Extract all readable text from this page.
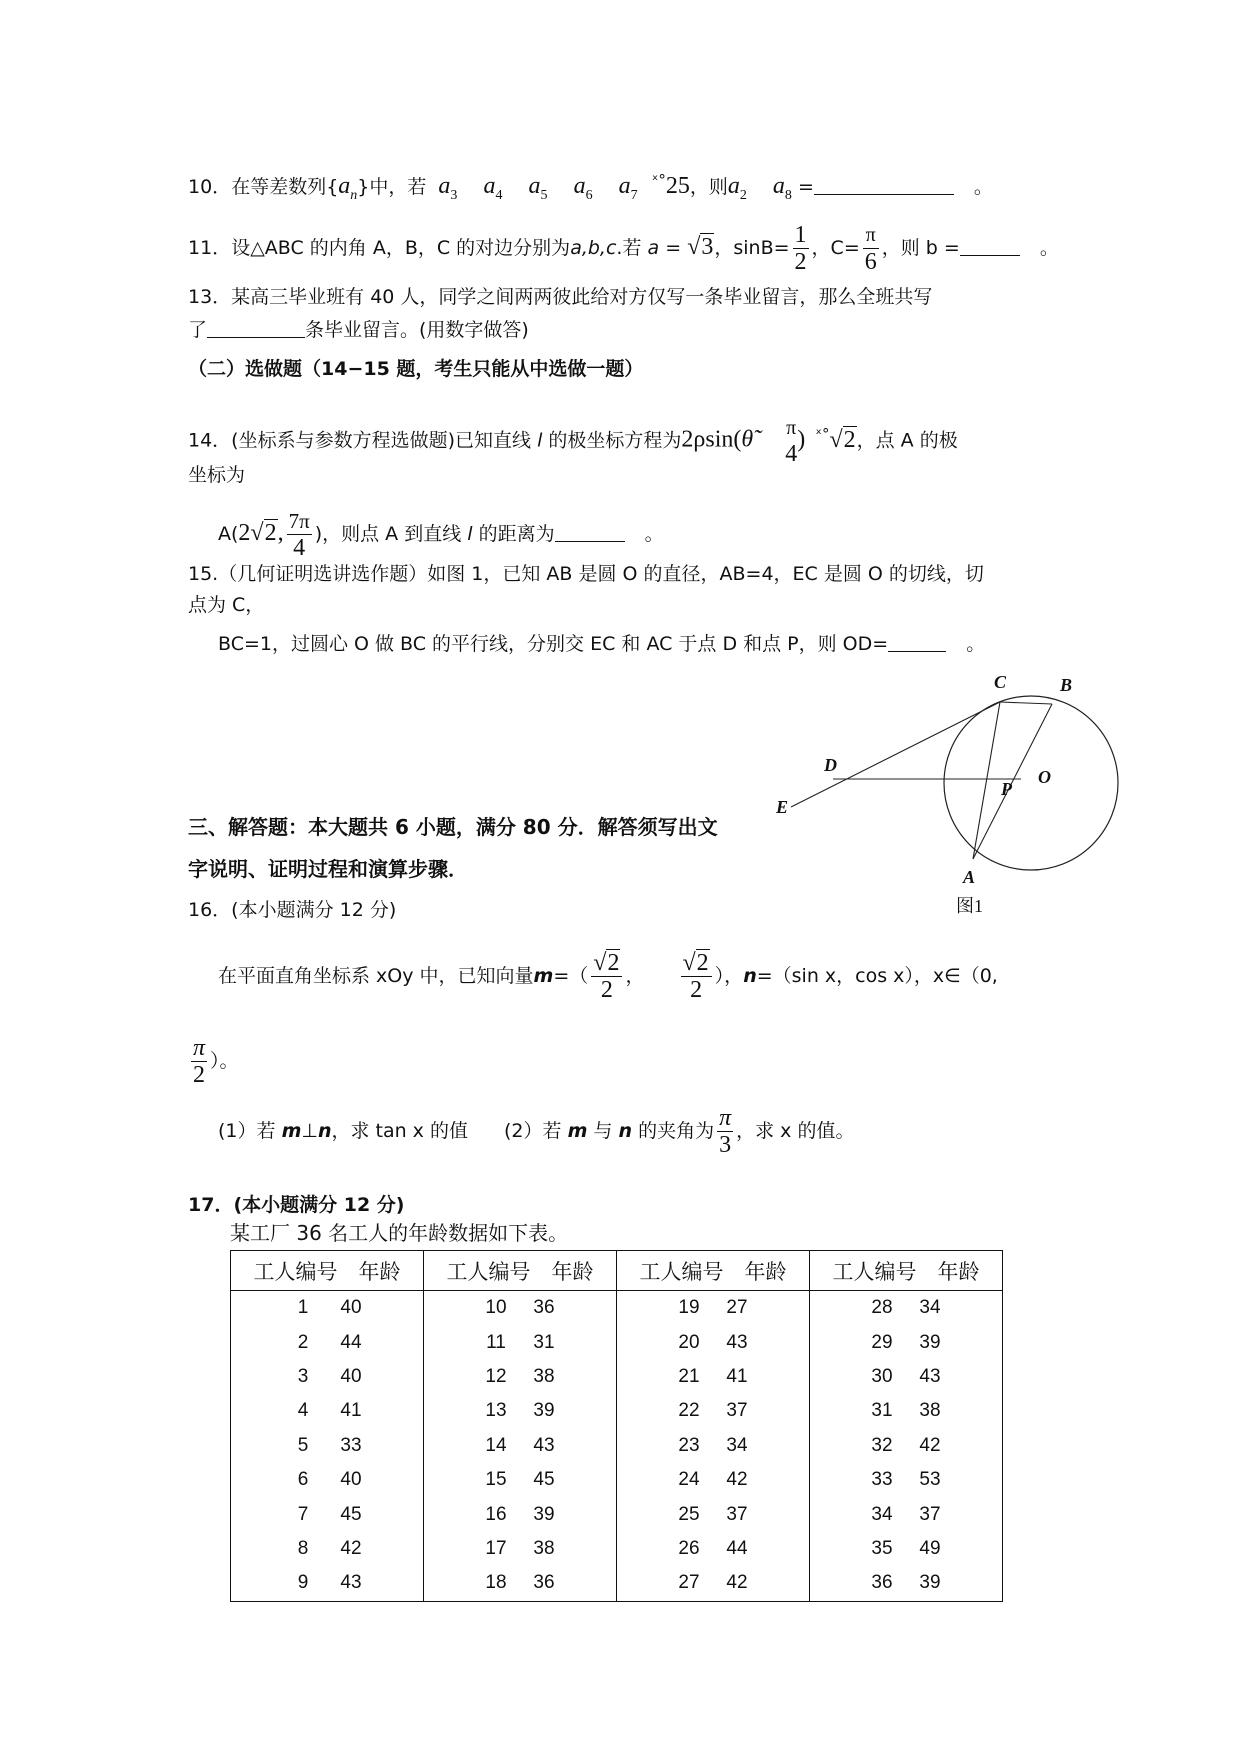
10．在等差数列$\{a_n\}$中，若 $a_3$ $a_4$ $a_5$ $a_6$ $a_7$ $^{ˣ^\circ}$25，则$a_2$ $a_8$ =	。
11．设△ABC 的内角 A，B，C 的对边分别为a,b,c.若 a = √3，$\sin B= \frac{1}{2}$ ，$C= \frac{\pi}{6}$ ，则 b =	。
13．某高三毕业班有 40 人，同学之间两两彼此给对方仅写一条毕业留言，那么全班共写
了	条毕业留言。(用数字做答)
（二）选做题（14−15 题，考生只能从中选做一题）
14．(坐标系与参数方程选做题)已知直线 l 的极坐标方程为2ρsin(θ̃ π
4
) $^{ˣ^\circ}$√2，点 A 的极
坐标为
A(2√2, $\frac{7\pi}{4}$ )，则点 A 到直线 l 的距离为	。
15.（几何证明选讲选作题）如图 1，已知 AB 是圆 O 的直径，AB=4，EC 是圆 O 的切线，切
点为 C，
BC=1，过圆心 O 做 BC 的平行线，分别交 EC 和 AC 于点 D 和点 P，则 OD=	。
C	B
D
O
P
E
A
图1
三、解答题：本大题共 6 小题，满分 80 分．解答须写出文
字说明、证明过程和演算步骤．
16．(本小题满分 12 分)
在平面直角坐标系 xOy 中，已知向量$m=( \frac{√2}{2}$ ， $\frac{√2}{2}$ ），n=（sin x，cos x），x∈（0,
$\frac{\pi}{2}$ ）。
(1）若 m⊥n，求 tan x 的值 (2）若 m 与 n 的夹角为 $\frac{\pi}{3}$ ，求 x 的值。
17．(本小题满分 12 分)
某工厂 36 名工人的年龄数据如下表。
工人编号　年龄	工人编号　年龄	工人编号　年龄	工人编号　年龄
1 40	10 36	19 27	28 34
2 44	11 31	20 43	29 39
3 40	12 38	21 41	30 43
4 41	13 39	22 37	31 38
5 33	14 43	23 34	32 42
6 40	15 45	24 42	33 53
7 45	16 39	25 37	34 37
8 42	17 38	26 44	35 49
9 43	18 36	27 42	36 39
